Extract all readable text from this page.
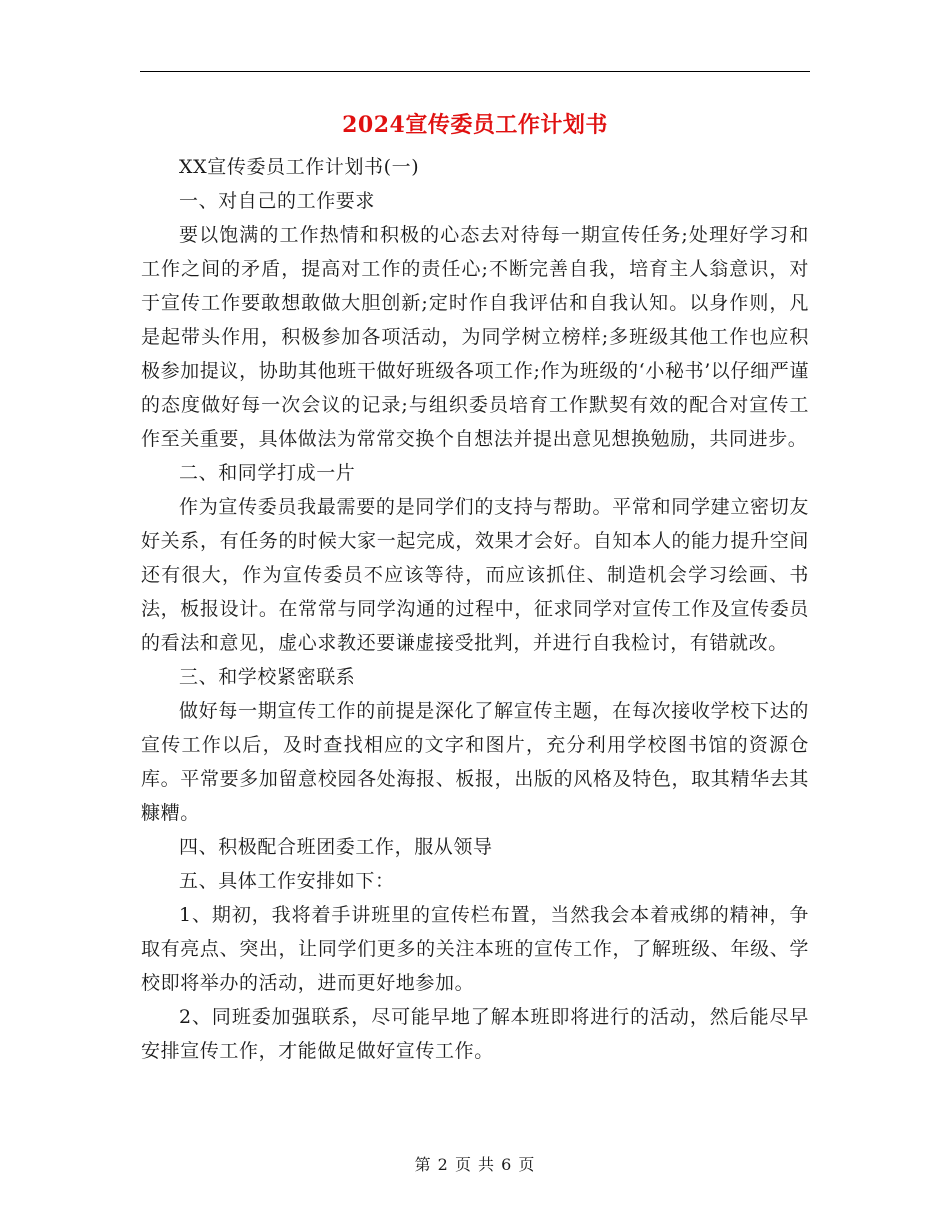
2024宣传委员工作计划书

XX宣传委员工作计划书(一)

一、对自己的工作要求

要以饱满的工作热情和积极的心态去对待每一期宣传任务;处理好学习和工作之间的矛盾，提高对工作的责任心;不断完善自我，培育主人翁意识，对于宣传工作要敢想敢做大胆创新;定时作自我评估和自我认知。以身作则，凡是起带头作用，积极参加各项活动，为同学树立榜样;多班级其他工作也应积极参加提议，协助其他班干做好班级各项工作;作为班级的‘小秘书’以仔细严谨的态度做好每一次会议的记录;与组织委员培育工作默契有效的配合对宣传工作至关重要，具体做法为常常交换个自想法并提出意见想换勉励，共同进步。

二、和同学打成一片

作为宣传委员我最需要的是同学们的支持与帮助。平常和同学建立密切友好关系，有任务的时候大家一起完成，效果才会好。自知本人的能力提升空间还有很大，作为宣传委员不应该等待，而应该抓住、制造机会学习绘画、书法，板报设计。在常常与同学沟通的过程中，征求同学对宣传工作及宣传委员的看法和意见，虚心求教还要谦虚接受批判，并进行自我检讨，有错就改。

三、和学校紧密联系

做好每一期宣传工作的前提是深化了解宣传主题，在每次接收学校下达的宣传工作以后，及时查找相应的文字和图片，充分利用学校图书馆的资源仓库。平常要多加留意校园各处海报、板报，出版的风格及特色，取其精华去其糠糟。

四、积极配合班团委工作，服从领导

五、具体工作安排如下：

1、期初，我将着手讲班里的宣传栏布置，当然我会本着戒绑的精神，争取有亮点、突出，让同学们更多的关注本班的宣传工作，了解班级、年级、学校即将举办的活动，进而更好地参加。

2、同班委加强联系，尽可能早地了解本班即将进行的活动，然后能尽早安排宣传工作，才能做足做好宣传工作。

第 2 页 共 6 页
